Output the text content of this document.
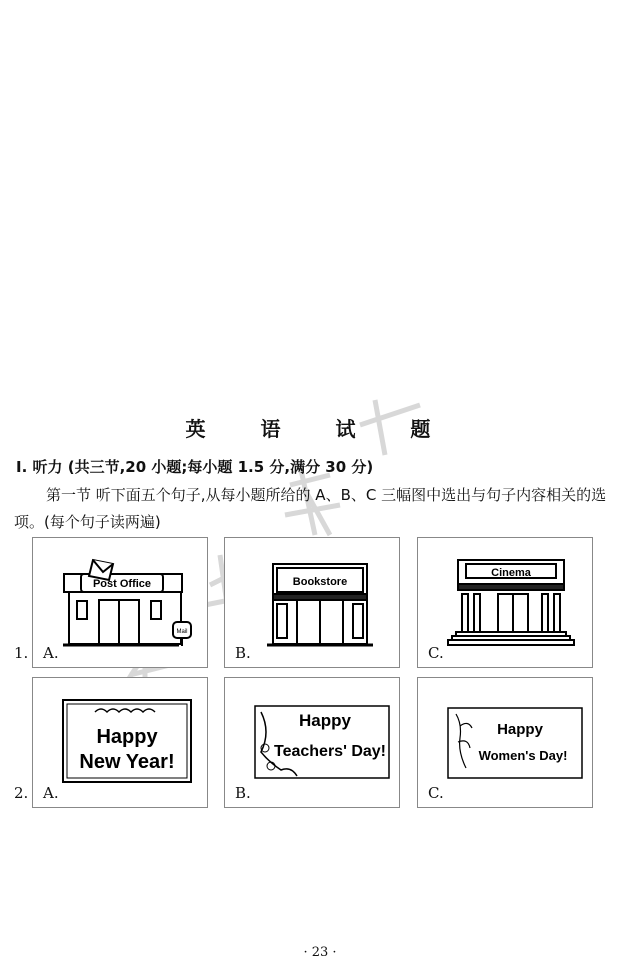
英 语 试 题
Ⅰ. 听力 (共三节,20 小题;每小题 1.5 分,满分 30 分)
第一节 听下面五个句子,从每小题所给的 A、B、C 三幅图中选出与句子内容相关的选项。(每个句子读两遍)
1.
Post Office
Mail
A.
Bookstore
B.
Cinema
C.
2.
Happy
New Year!
A.
Happy
Teachers' Day!
B.
Happy
Women's Day!
C.
· 23 ·
